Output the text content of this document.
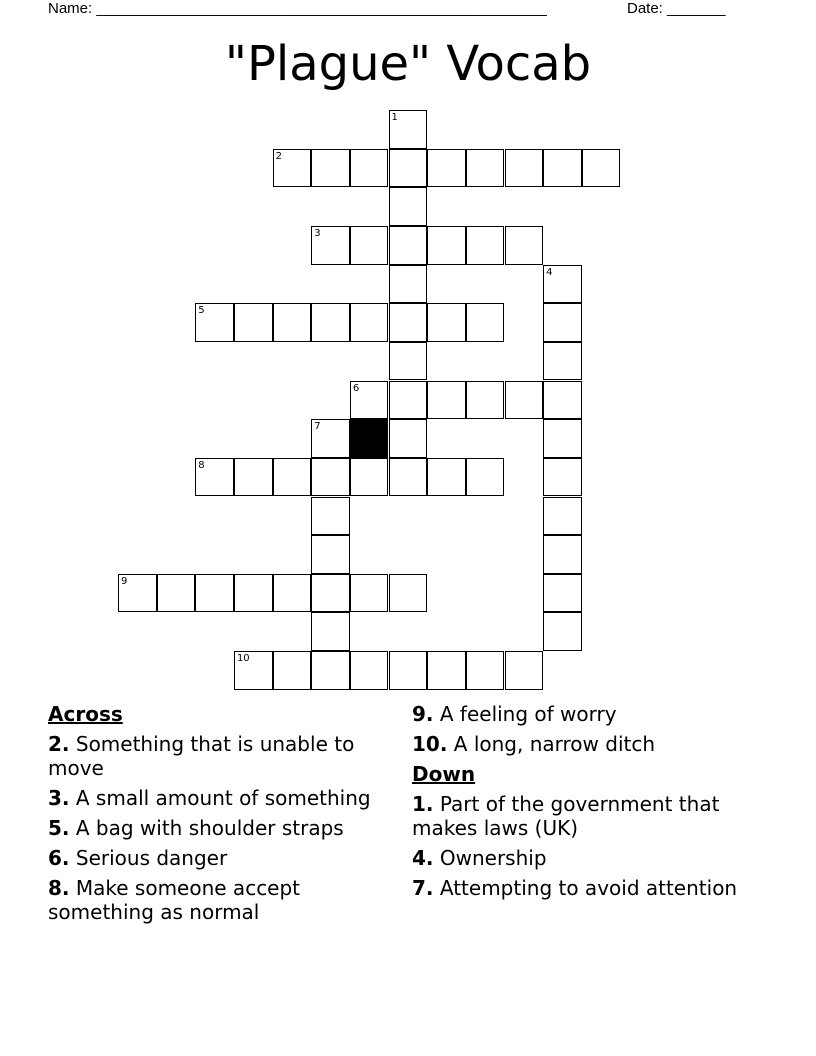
Name: ______________________________________________________	Date: _______
"Plague" Vocab
1
2
3
4
5
6
7
8
9
10
Across
2. Something that is unable to move
3. A small amount of something
5. A bag with shoulder straps
6. Serious danger
8. Make someone accept something as normal
9. A feeling of worry
10. A long, narrow ditch
Down
1. Part of the government that makes laws (UK)
4. Ownership
7. Attempting to avoid attention
